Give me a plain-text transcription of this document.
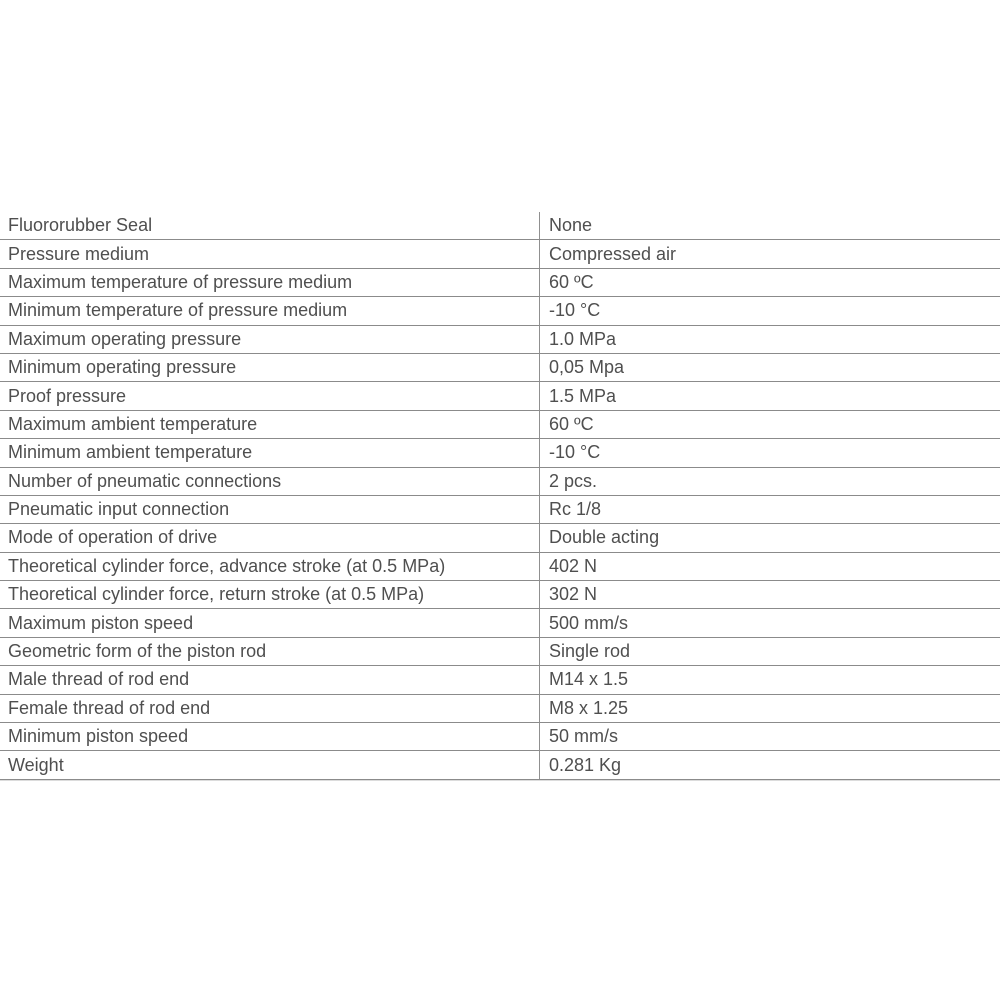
Fluororubber Seal	None
Pressure medium	Compressed air
Maximum temperature of pressure medium	60 ºC
Minimum temperature of pressure medium	-10 °C
Maximum operating pressure	1.0 MPa
Minimum operating pressure	0,05 Mpa
Proof pressure	1.5 MPa
Maximum ambient temperature	60 ºC
Minimum ambient temperature	-10 °C
Number of pneumatic connections	2 pcs.
Pneumatic input connection	Rc 1/8
Mode of operation of drive	Double acting
Theoretical cylinder force, advance stroke (at 0.5 MPa)	402 N
Theoretical cylinder force, return stroke (at 0.5 MPa)	302 N
Maximum piston speed	500 mm/s
Geometric form of the piston rod	Single rod
Male thread of rod end	M14 x 1.5
Female thread of rod end	M8 x 1.25
Minimum piston speed	50 mm/s
Weight	0.281 Kg
